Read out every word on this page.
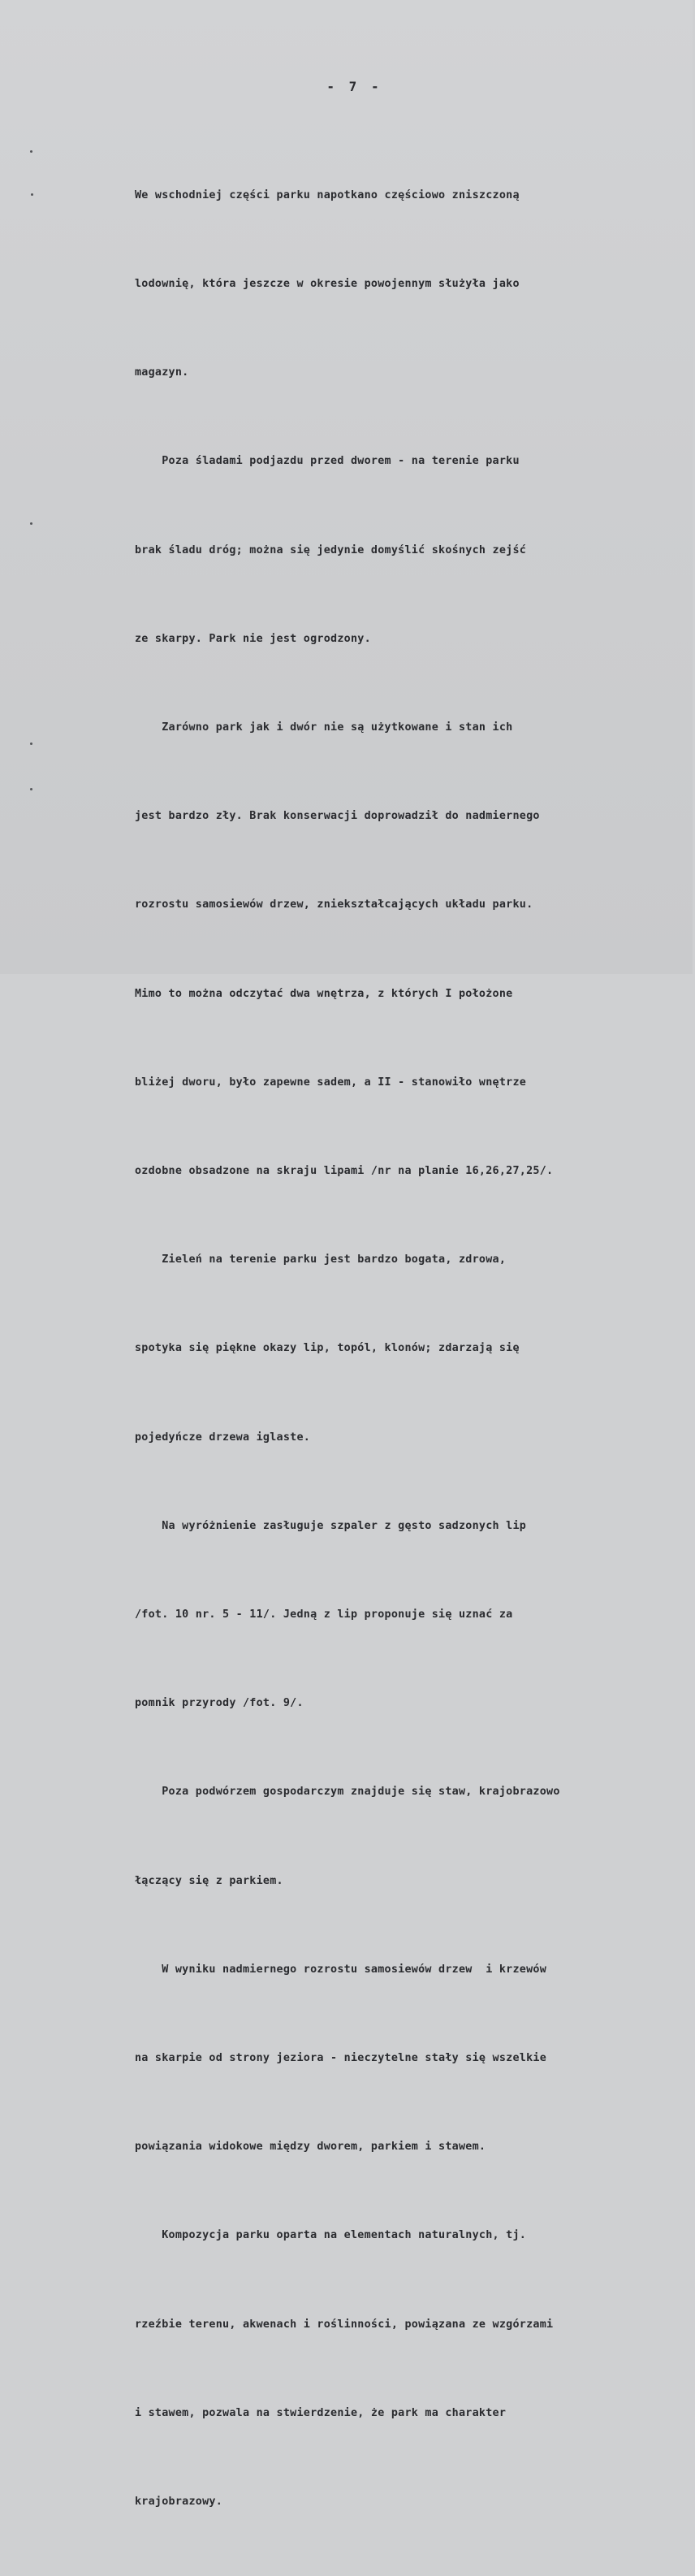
- 7 -

We wschodniej części parku napotkano częściowo zniszczoną

lodownię, która jeszcze w okresie powojennym służyła jako

magazyn.

Poza śladami podjazdu przed dworem - na terenie parku

brak śladu dróg; można się jedynie domyślić skośnych zejść

ze skarpy. Park nie jest ogrodzony.

Zarówno park jak i dwór nie są użytkowane i stan ich

jest bardzo zły. Brak konserwacji doprowadził do nadmiernego

rozrostu samosiewów drzew, zniekształcających układu parku.

Mimo to można odczytać dwa wnętrza, z których I położone

bliżej dworu, było zapewne sadem, a II - stanowiło wnętrze

ozdobne obsadzone na skraju lipami /nr na planie 16,26,27,25/.

Zieleń na terenie parku jest bardzo bogata, zdrowa,

spotyka się piękne okazy lip, topól, klonów; zdarzają się

pojedyńcze drzewa iglaste.

Na wyróżnienie zasługuje szpaler z gęsto sadzonych lip

/fot. 10 nr. 5 - 11/. Jedną z lip proponuje się uznać za

pomnik przyrody /fot. 9/.

Poza podwórzem gospodarczym znajduje się staw, krajobrazowo

łączący się z parkiem.

W wyniku nadmiernego rozrostu samosiewów drzew  i krzewów

na skarpie od strony jeziora - nieczytelne stały się wszelkie

powiązania widokowe między dworem, parkiem i stawem.

Kompozycja parku oparta na elementach naturalnych, tj.

rzeźbie terenu, akwenach i roślinności, powiązana ze wzgórzami

i stawem, pozwala na stwierdzenie, że park ma charakter

krajobrazowy.
